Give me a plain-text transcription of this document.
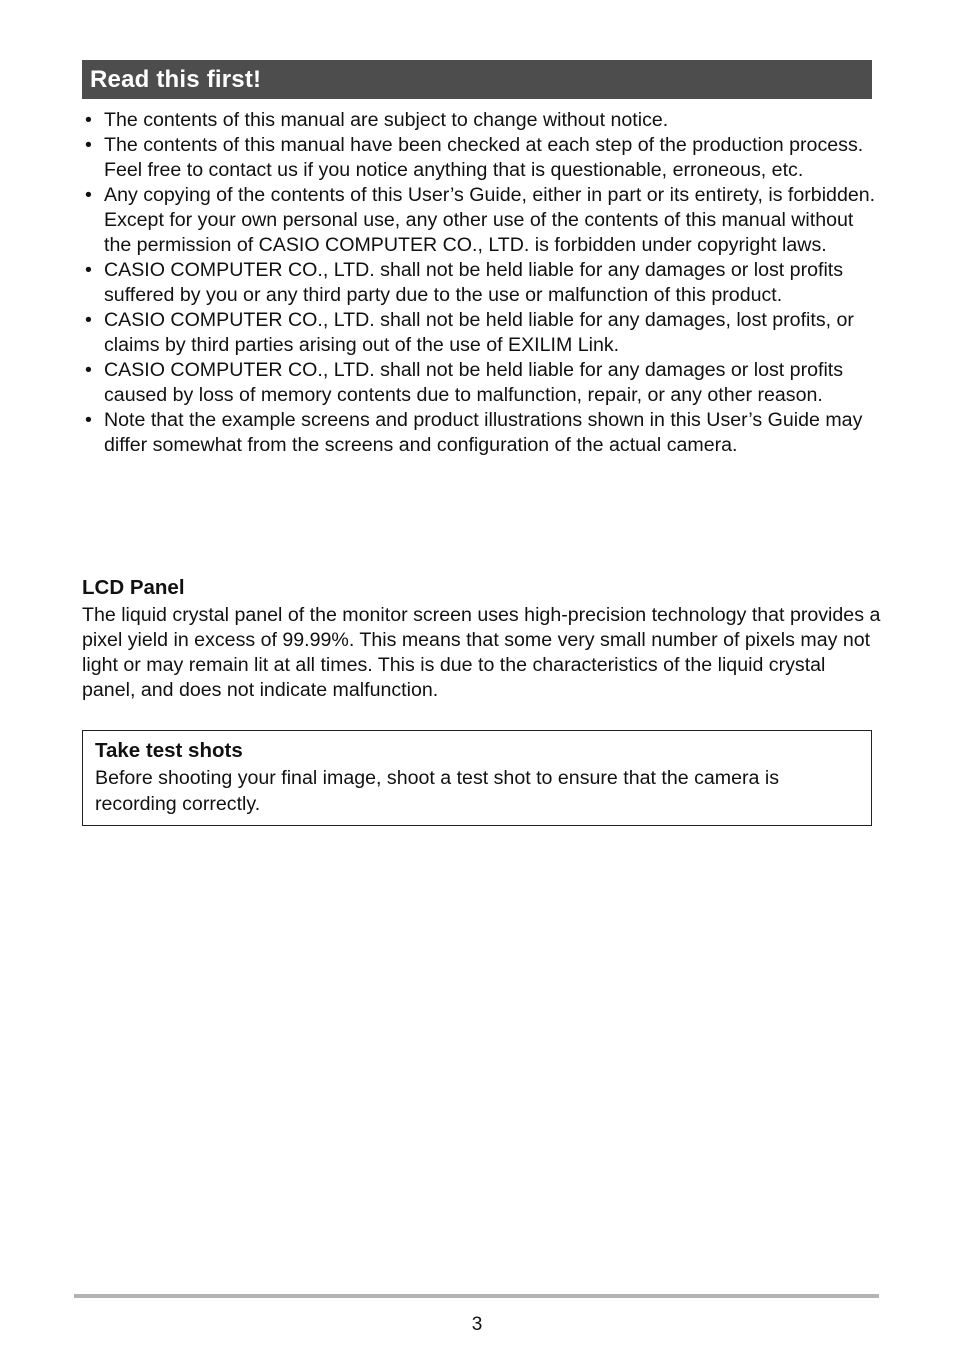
Read this first!
• The contents of this manual are subject to change without notice.
• The contents of this manual have been checked at each step of the production process. Feel free to contact us if you notice anything that is questionable, erroneous, etc.
• Any copying of the contents of this User’s Guide, either in part or its entirety, is forbidden. Except for your own personal use, any other use of the contents of this manual without the permission of CASIO COMPUTER CO., LTD. is forbidden under copyright laws.
• CASIO COMPUTER CO., LTD. shall not be held liable for any damages or lost profits suffered by you or any third party due to the use or malfunction of this product.
• CASIO COMPUTER CO., LTD. shall not be held liable for any damages, lost profits, or claims by third parties arising out of the use of EXILIM Link.
• CASIO COMPUTER CO., LTD. shall not be held liable for any damages or lost profits caused by loss of memory contents due to malfunction, repair, or any other reason.
• Note that the example screens and product illustrations shown in this User’s Guide may differ somewhat from the screens and configuration of the actual camera.
LCD Panel

The liquid crystal panel of the monitor screen uses high-precision technology that provides a pixel yield in excess of 99.99%. This means that some very small number of pixels may not light or may remain lit at all times. This is due to the characteristics of the liquid crystal panel, and does not indicate malfunction.

Take test shots

Before shooting your final image, shoot a test shot to ensure that the camera is recording correctly.

3
